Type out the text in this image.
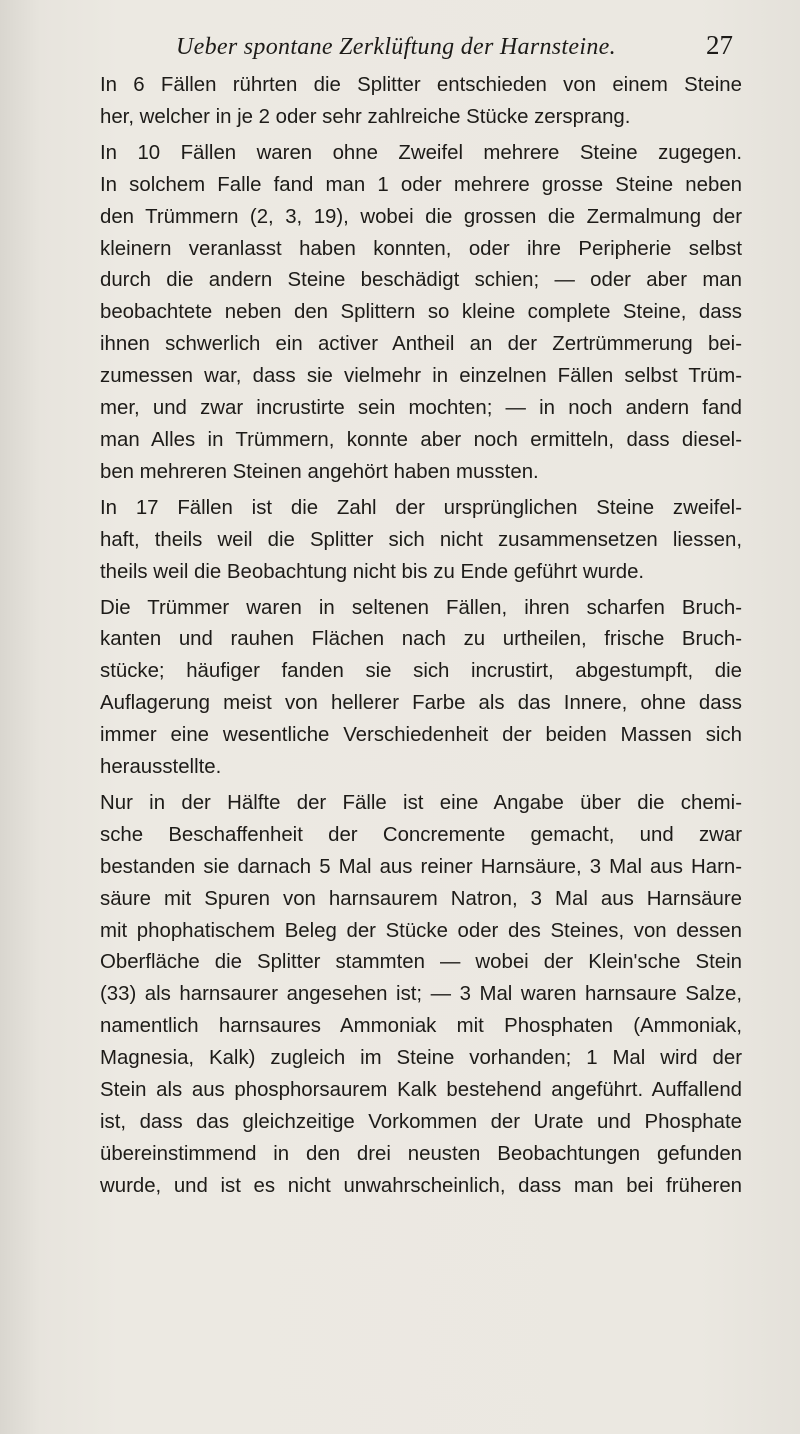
Ueber spontane Zerklüftung der Harnsteine.	27

In 6 Fällen rührten die Splitter entschieden von einem Steine
her, welcher in je 2 oder sehr zahlreiche Stücke zersprang.

In 10 Fällen waren ohne Zweifel mehrere Steine zugegen.
In solchem Falle fand man 1 oder mehrere grosse Steine neben
den Trümmern (2, 3, 19), wobei die grossen die Zermalmung der
kleinern veranlasst haben konnten, oder ihre Peripherie selbst
durch die andern Steine beschädigt schien; — oder aber man
beobachtete neben den Splittern so kleine complete Steine, dass
ihnen schwerlich ein activer Antheil an der Zertrümmerung bei-
zumessen war, dass sie vielmehr in einzelnen Fällen selbst Trüm-
mer, und zwar incrustirte sein mochten; — in noch andern fand
man Alles in Trümmern, konnte aber noch ermitteln, dass diesel-
ben mehreren Steinen angehört haben mussten.

In 17 Fällen ist die Zahl der ursprünglichen Steine zweifel-
haft, theils weil die Splitter sich nicht zusammensetzen liessen,
theils weil die Beobachtung nicht bis zu Ende geführt wurde.

Die Trümmer waren in seltenen Fällen, ihren scharfen Bruch-
kanten und rauhen Flächen nach zu urtheilen, frische Bruch-
stücke; häufiger fanden sie sich incrustirt, abgestumpft, die
Auflagerung meist von hellerer Farbe als das Innere, ohne dass
immer eine wesentliche Verschiedenheit der beiden Massen sich
herausstellte.

Nur in der Hälfte der Fälle ist eine Angabe über die chemi-
sche Beschaffenheit der Concremente gemacht, und zwar
bestanden sie darnach 5 Mal aus reiner Harnsäure, 3 Mal aus Harn-
säure mit Spuren von harnsaurem Natron, 3 Mal aus Harnsäure
mit phophatischem Beleg der Stücke oder des Steines, von dessen
Oberfläche die Splitter stammten — wobei der Klein'sche Stein
(33) als harnsaurer angesehen ist; — 3 Mal waren harnsaure Salze,
namentlich harnsaures Ammoniak mit Phosphaten (Ammoniak,
Magnesia, Kalk) zugleich im Steine vorhanden; 1 Mal wird der
Stein als aus phosphorsaurem Kalk bestehend angeführt. Auffallend
ist, dass das gleichzeitige Vorkommen der Urate und Phosphate
übereinstimmend in den drei neusten Beobachtungen gefunden
wurde, und ist es nicht unwahrscheinlich, dass man bei früheren
